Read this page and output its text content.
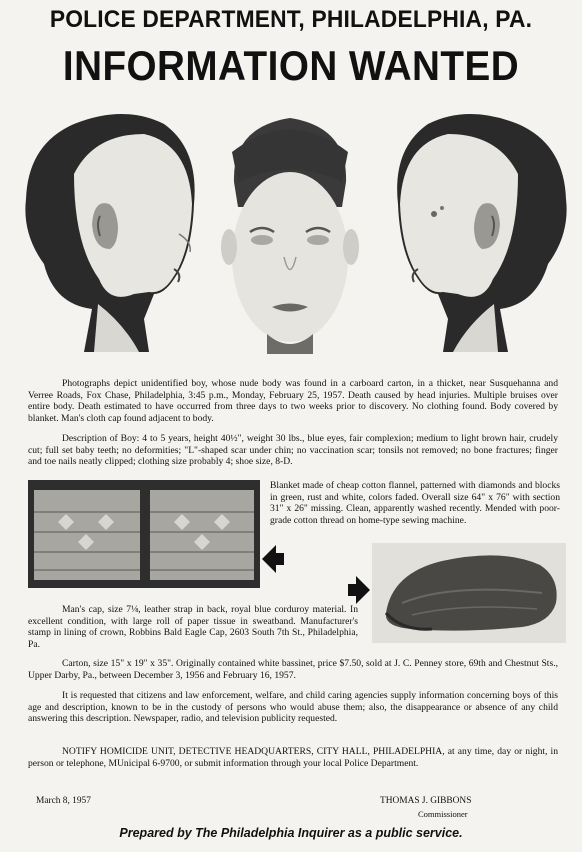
POLICE DEPARTMENT, PHILADELPHIA, PA.
INFORMATION WANTED
Photographs depict unidentified boy, whose nude body was found in a carboard carton, in a thicket, near Susquehanna and Verree Roads, Fox Chase, Philadelphia, 3:45 p.m., Monday, February 25, 1957. Death caused by head injuries. Multiple bruises over entire body. Death estimated to have occurred from three days to two weeks prior to discovery. No clothing found. Body covered by blanket. Man's cloth cap found adjacent to body.
Description of Boy: 4 to 5 years, height 40½", weight 30 lbs., blue eyes, fair complexion; medium to light brown hair, crudely cut; full set baby teeth; no deformities; "L"-shaped scar under chin; no vaccination scar; tonsils not removed; no bone fractures; finger and toe nails neatly clipped; clothing size probably 4; shoe size, 8-D.
Blanket made of cheap cotton flannel, patterned with diamonds and blocks in green, rust and white, colors faded. Overall size 64" x 76" with section 31" x 26" missing. Clean, apparently washed recently. Mended with poor-grade cotton thread on home-type sewing machine.
Man's cap, size 7⅛, leather strap in back, royal blue corduroy material. In excellent condition, with large roll of paper tissue in sweatband. Manufacturer's stamp in lining of crown, Robbins Bald Eagle Cap, 2603 South 7th St., Philadelphia, Pa.
Carton, size 15" x 19" x 35". Originally contained white bassinet, price $7.50, sold at J. C. Penney store, 69th and Chestnut Sts., Upper Darby, Pa., between December 3, 1956 and February 16, 1957.
It is requested that citizens and law enforcement, welfare, and child caring agencies supply information concerning boys of this age and description, known to be in the custody of persons who would abuse them; also, the disappearance or absence of any child answering this description. Newspaper, radio, and television publicity requested.
NOTIFY HOMICIDE UNIT, DETECTIVE HEADQUARTERS, CITY HALL, PHILADELPHIA, at any time, day or night, in person or telephone, MUnicipal 6-9700, or submit information through your local Police Department.
March 8, 1957	THOMAS J. GIBBONS
Commissioner
Prepared by The Philadelphia Inquirer as a public service.
